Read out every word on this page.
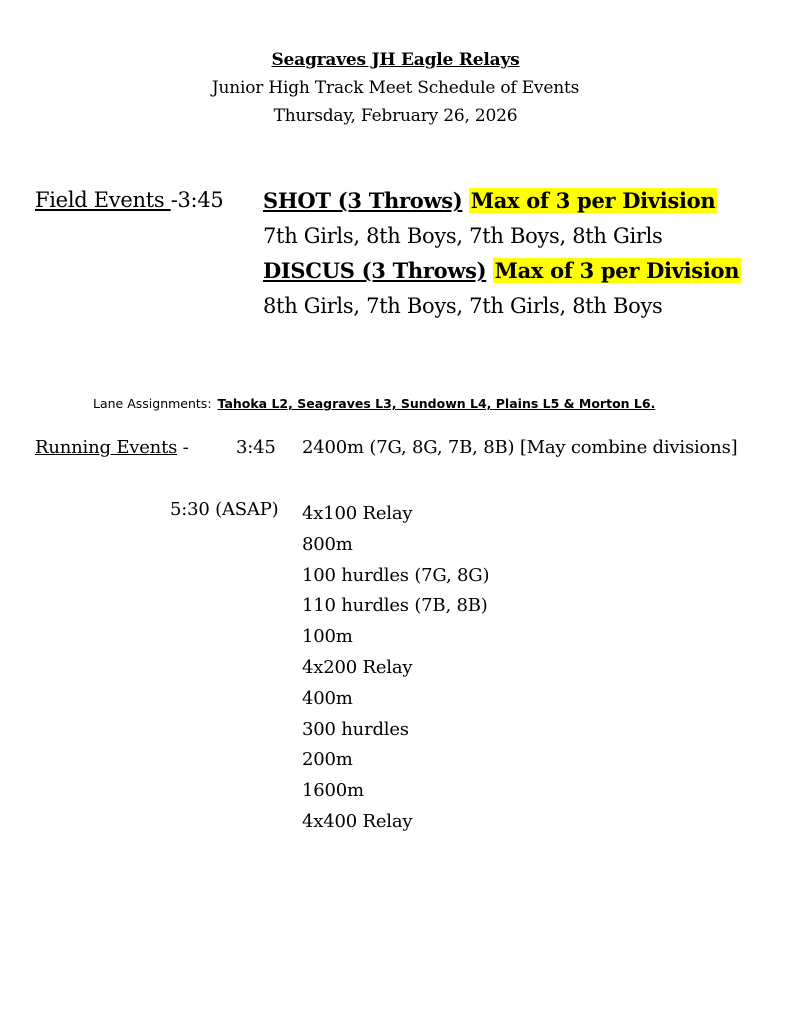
Seagraves JH Eagle Relays
Junior High Track Meet Schedule of Events
Thursday, February 26, 2026
Field Events -3:45 SHOT (3 Throws) Max of 3 per Division
7th Girls, 8th Boys, 7th Boys, 8th Girls
DISCUS (3 Throws) Max of 3 per Division
8th Girls, 7th Boys, 7th Girls, 8th Boys
Lane Assignments: Tahoka L2, Seagraves L3, Sundown L4, Plains L5 & Morton L6.
Running Events -	3:45 2400m (7G, 8G, 7B, 8B) [May combine divisions]
5:30 (ASAP) 4x100 Relay
800m
100 hurdles (7G, 8G)
110 hurdles (7B, 8B)
100m
4x200 Relay
400m
300 hurdles
200m
1600m
4x400 Relay
